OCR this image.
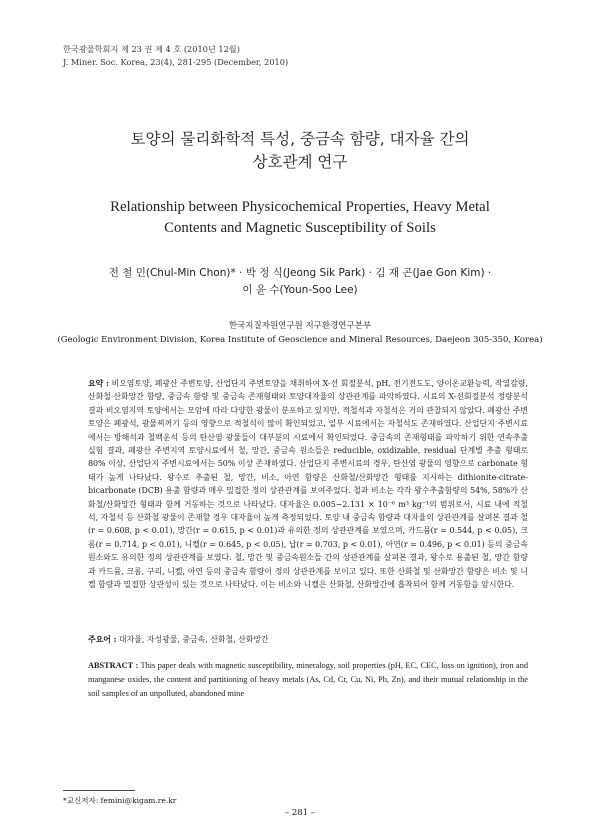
한국광물학회지 제 23 권 제 4 호 (2010년 12월)
J. Miner. Soc. Korea, 23(4), 281-295 (December, 2010)
토양의 물리화학적 특성, 중금속 함량, 대자율 간의
상호관계 연구
Relationship between Physicochemical Properties, Heavy Metal
Contents and Magnetic Susceptibility of Soils
전 철 민(Chul-Min Chon)* · 박 정 식(Jeong Sik Park) · 김 재 곤(Jae Gon Kim) ·
이 윤 수(Youn-Soo Lee)
한국지질자원연구원 지구환경연구본부
(Geologic Environment Division, Korea Institute of Geoscience and Mineral Resources, Daejeon 305-350, Korea)
요약 : 비오염토양, 폐광산 주변토양, 산업단지 주변토양을 채취하여 X-선 회절분석, pH, 전기전도도, 양이온교환능력, 작열감량, 산화철·산화망간 함량, 중금속 함량 및 중금속 존재형태와 토양대자율의 상관관계를 파악하였다. 시료의 X-선회절분석 정량분석결과 비오염지역 토양에서는 모암에 따라 다양한 광물이 분포하고 있지만, 적철석과 자철석은 거의 관찰되지 않았다. 폐광산 주변토양은 폐광석, 광물찌꺼기 등의 영향으로 적철석이 많이 확인되었고, 일부 시료에서는 자철석도 존재하였다. 산업단지 주변시료에서는 방해석과 철백운석 등의 탄산염 광물들이 대부분의 시료에서 확인되었다. 중금속의 존재형태를 파악하기 위한 연속추출 실험 결과, 폐광산 주변지역 토양시료에서 철, 망간, 중금속 원소들은 reducible, oxidizable, residual 단계별 추출 형태로 80% 이상, 산업단지 주변시료에서는 50% 이상 존재하였다. 산업단지 주변시료의 경우, 탄산염 광물의 영향으로 carbonate 형태가 높게 나타났다. 왕수로 추출된 철, 망간, 비소, 아연 함량은 산화철/산화망간 형태를 지시하는 dithionite-citrate-bicarbonate (DCB) 용출 함량과 매우 밀접한 정의 상관관계를 보여주었다. 철과 비소는 각각 왕수추출함량의 54%, 58%가 산화철/산화망간 형태과 함께 거동하는 것으로 나타났다. 대자율은 0.005~2.131 × 10⁻⁶ m³ kg⁻¹의 범위로서, 시료 내에 적철석, 자철석 등 산화철 광물이 존재할 경우 대자율이 높게 측정되었다. 토양 내 중금속 함량과 대자율의 상관관계를 살펴본 결과 철(r = 0.608, p < 0.01), 망간(r = 0.615, p < 0.01)과 유의한 정의 상관관계를 보였으며, 카드뮴(r = 0.544, p < 0.05), 크롬(r = 0.714, p < 0.01), 니켈(r = 0.645, p < 0.05), 납(r = 0.703, p < 0.01), 아연(r = 0.496, p < 0.01) 등의 중금속 원소와도 유의한 정의 상관관계를 보였다. 철, 망간 및 중금속원소들 간의 상관관계를 살펴본 결과, 왕수로 용출된 철, 망간 함량과 카드뮴, 크롬, 구리, 니켈, 아연 등의 중금속 함량이 정의 상관관계를 보이고 있다. 또한 산화철 및 산화망간 함량은 비소 및 니켈 함량과 밀접한 상관성이 있는 것으로 나타났다. 이는 비소와 니켈은 산화철, 산화망간에 흡착되어 함께 거동함을 암시한다.
주요어 : 대자율, 자성광물, 중금속, 산화철, 산화망간
ABSTRACT : This paper deals with magnetic susceptibility, mineralogy, soil properties (pH, EC, CEC, loss on ignition), iron and manganese oxides, the content and partitioning of heavy metals (As, Cd, Cr, Cu, Ni, Pb, Zn), and their mutual relationship in the soil samples of an unpolluted, abandoned mine
*교신저자: femini@kigam.re.kr
– 281 –
